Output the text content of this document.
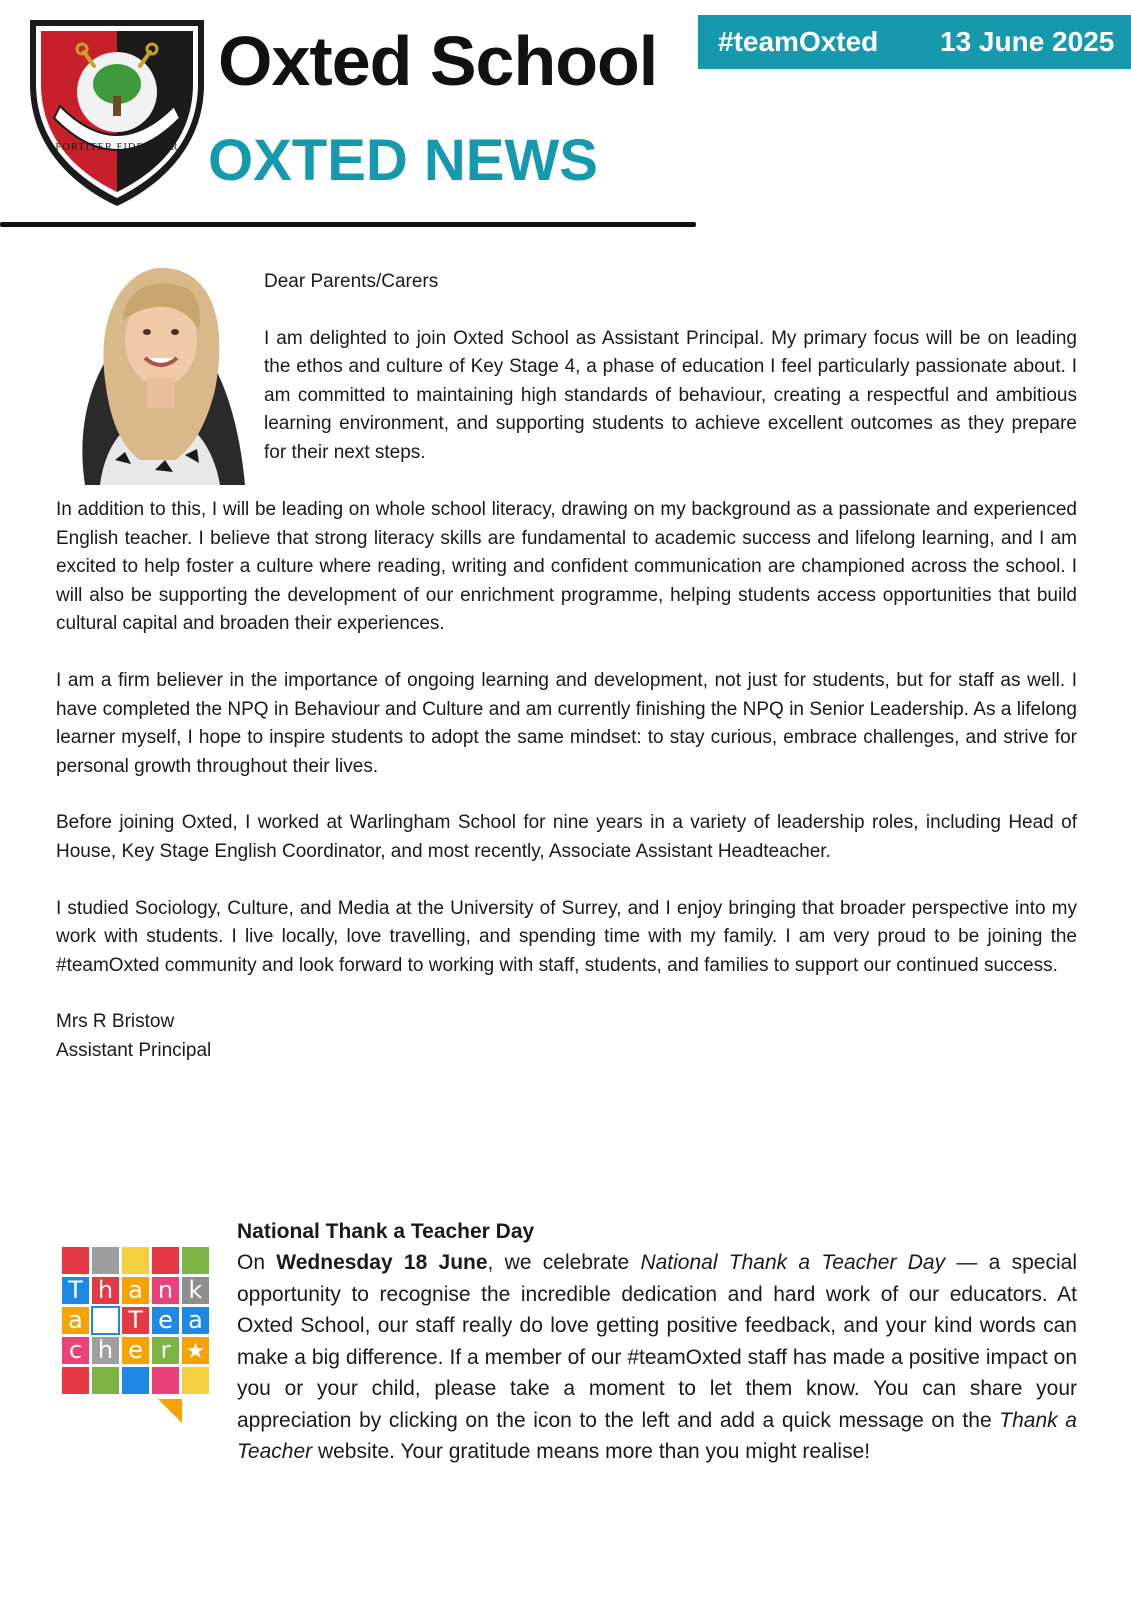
FORTITER FIDELITER
Oxted School
OXTED NEWS
#teamOxted	13 June 2025

Dear Parents/Carers

I am delighted to join Oxted School as Assistant Principal. My primary focus will be on leading the ethos and culture of Key Stage 4, a phase of education I feel particularly passionate about. I am committed to maintaining high standards of behaviour, creating a respectful and ambitious learning environment, and supporting students to achieve excellent outcomes as they prepare for their next steps.

In addition to this, I will be leading on whole school literacy, drawing on my background as a passionate and experienced English teacher. I believe that strong literacy skills are fundamental to academic success and lifelong learning, and I am excited to help foster a culture where reading, writing and confident communication are championed across the school. I will also be supporting the development of our enrichment programme, helping students access opportunities that build cultural capital and broaden their experiences.

I am a firm believer in the importance of ongoing learning and development, not just for students, but for staff as well. I have completed the NPQ in Behaviour and Culture and am currently finishing the NPQ in Senior Leadership. As a lifelong learner myself, I hope to inspire students to adopt the same mindset: to stay curious, embrace challenges, and strive for personal growth throughout their lives.

Before joining Oxted, I worked at Warlingham School for nine years in a variety of leadership roles, including Head of House, Key Stage English Coordinator, and most recently, Associate Assistant Headteacher.

I studied Sociology, Culture, and Media at the University of Surrey, and I enjoy bringing that broader perspective into my work with students. I live locally, love travelling, and spending time with my family. I am very proud to be joining the #teamOxted community and look forward to working with staff, students, and families to support our continued success.

Mrs R Bristow
Assistant Principal
T h a n k
a T e a
c h e r ★
National Thank a Teacher Day

On Wednesday 18 June, we celebrate National Thank a Teacher Day — a special opportunity to recognise the incredible dedication and hard work of our educators. At Oxted School, our staff really do love getting positive feedback, and your kind words can make a big difference. If a member of our #teamOxted staff has made a positive impact on you or your child, please take a moment to let them know. You can share your appreciation by clicking on the icon to the left and add a quick message on the Thank a Teacher website. Your gratitude means more than you might realise!
